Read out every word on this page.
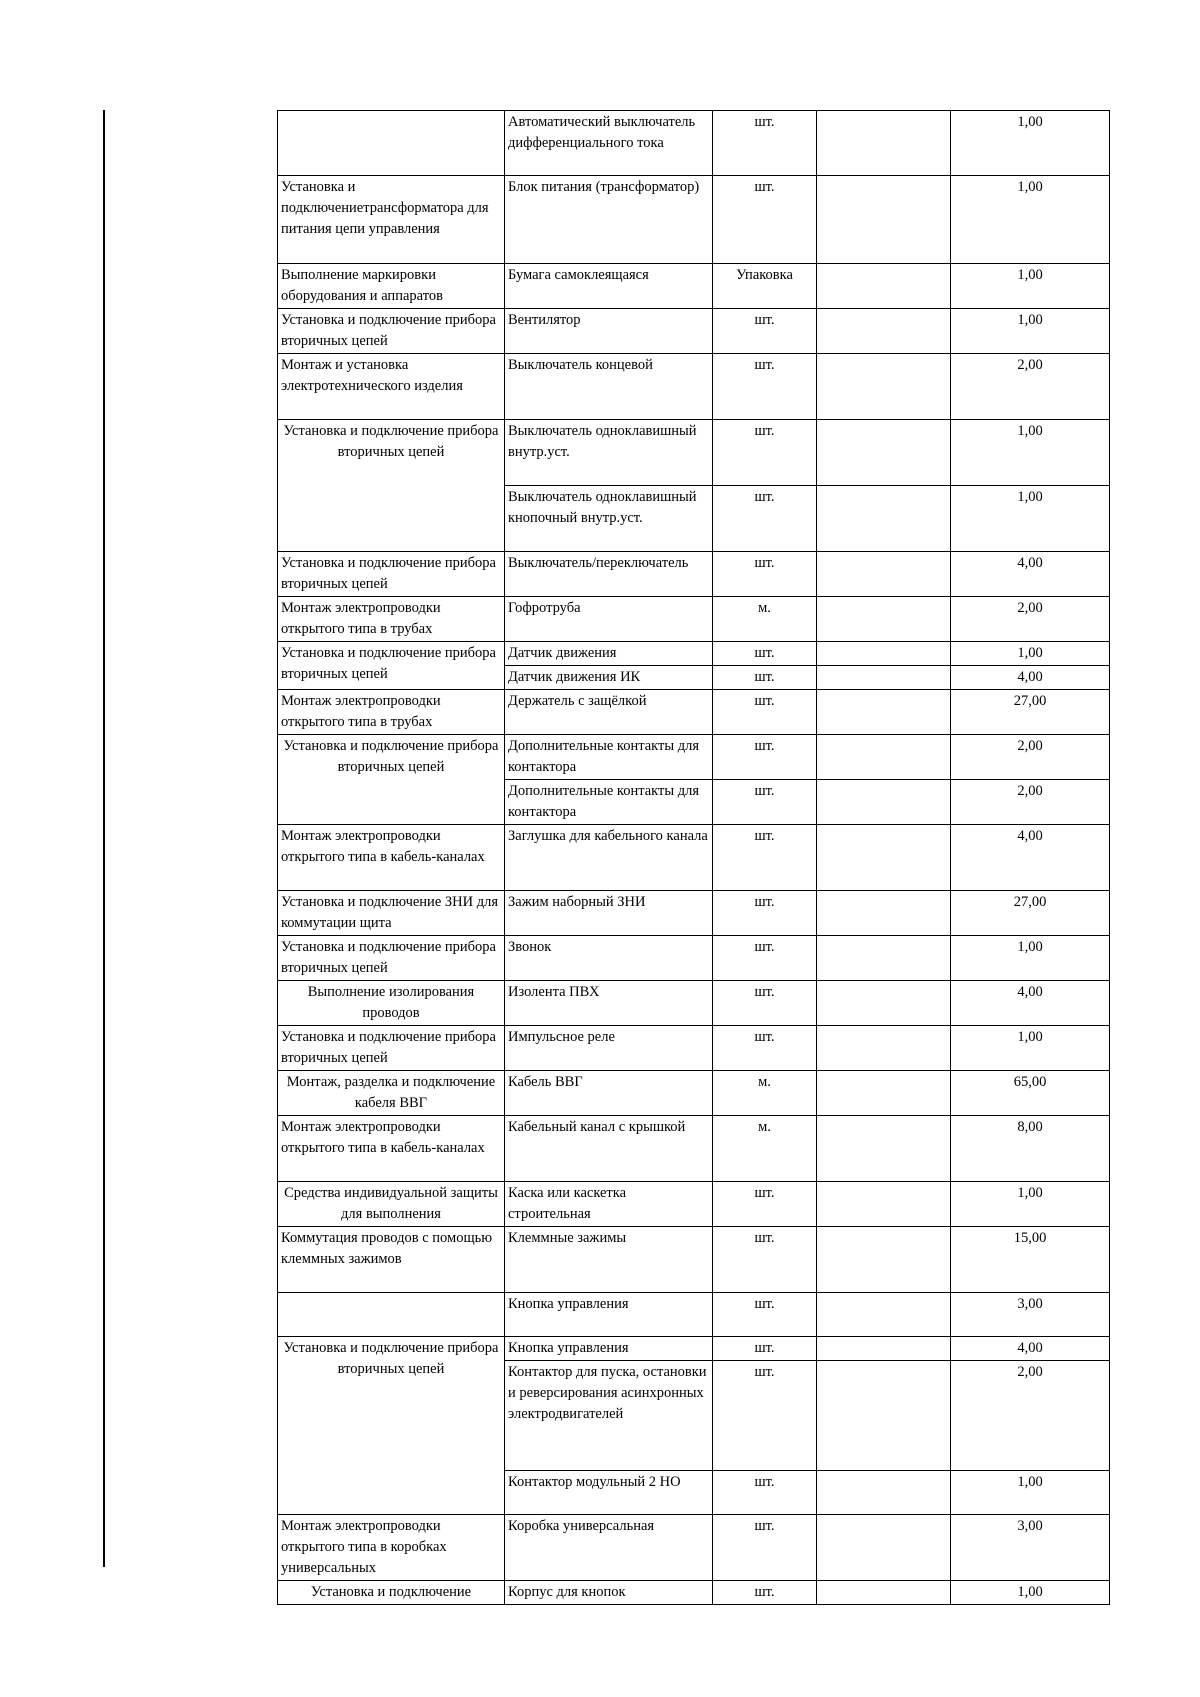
	Автоматический выключатель дифференциального тока	шт.		1,00
Установка и подключениетрансформатора для питания цепи управления	Блок питания (трансформатор)	шт.		1,00
Выполнение маркировки оборудования и аппаратов	Бумага самоклеящаяся	Упаковка		1,00
Установка и подключение прибора вторичных цепей	Вентилятор	шт.		1,00
Монтаж и установка электротехнического изделия	Выключатель концевой	шт.		2,00
Установка и подключение прибора вторичных цепей	Выключатель одноклавишный внутр.уст.	шт.		1,00
	Выключатель одноклавишный кнопочный внутр.уст.	шт.		1,00
Установка и подключение прибора вторичных цепей	Выключатель/переключатель	шт.		4,00
Монтаж электропроводки открытого типа в трубах	Гофротруба	м.		2,00
Установка и подключение прибора вторичных цепей	Датчик движения	шт.		1,00
	Датчик движения ИК	шт.		4,00
Монтаж электропроводки открытого типа в трубах	Держатель с защёлкой	шт.		27,00
Установка и подключение прибора вторичных цепей	Дополнительные контакты для контактора	шт.		2,00
	Дополнительные контакты для контактора	шт.		2,00
Монтаж электропроводки открытого типа в кабель-каналах	Заглушка для кабельного канала	шт.		4,00
Установка и подключение ЗНИ для коммутации щита	Зажим наборный ЗНИ	шт.		27,00
Установка и подключение прибора вторичных цепей	Звонок	шт.		1,00
Выполнение изолирования проводов	Изолента ПВХ	шт.		4,00
Установка и подключение прибора вторичных цепей	Импульсное реле	шт.		1,00
Монтаж, разделка и подключение кабеля ВВГ	Кабель ВВГ	м.		65,00
Монтаж электропроводки открытого типа в кабель-каналах	Кабельный канал с крышкой	м.		8,00
Средства индивидуальной защиты для выполнения	Каска или каскетка строительная	шт.		1,00
Коммутация проводов с помощью клеммных зажимов	Клеммные зажимы	шт.		15,00
	Кнопка управления	шт.		3,00
Установка и подключение прибора вторичных цепей	Кнопка управления	шт.		4,00
	Контактор для пуска, остановки и реверсирования асинхронных электродвигателей	шт.		2,00
	Контактор модульный 2 НО	шт.		1,00
Монтаж электропроводки открытого типа в коробках универсальных	Коробка универсальная	шт.		3,00
Установка и подключение	Корпус для кнопок	шт.		1,00
